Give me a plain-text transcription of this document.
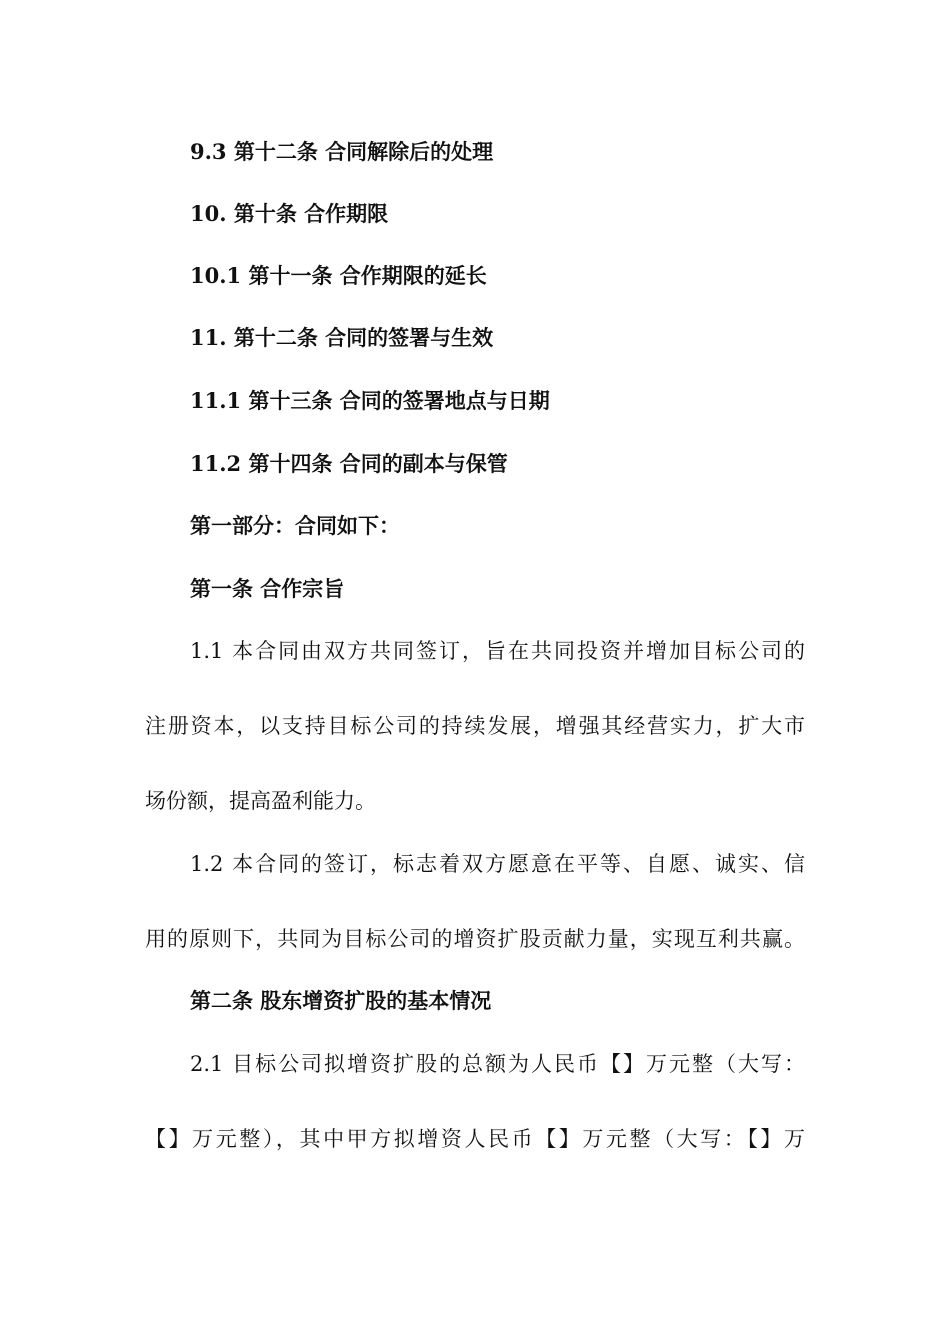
9.3 第十二条 合同解除后的处理
10. 第十条 合作期限
10.1 第十一条 合作期限的延长
11. 第十二条 合同的签署与生效
11.1 第十三条 合同的签署地点与日期
11.2 第十四条 合同的副本与保管
第一部分：合同如下：
第一条 合作宗旨
1.1 本合同由双方共同签订，旨在共同投资并增加目标公司的
注册资本，以支持目标公司的持续发展，增强其经营实力，扩大市
场份额，提高盈利能力。
1.2 本合同的签订，标志着双方愿意在平等、自愿、诚实、信
用的原则下，共同为目标公司的增资扩股贡献力量，实现互利共赢。
第二条 股东增资扩股的基本情况
2.1 目标公司拟增资扩股的总额为人民币【】万元整（大写：
【】万元整），其中甲方拟增资人民币【】万元整（大写：【】万
